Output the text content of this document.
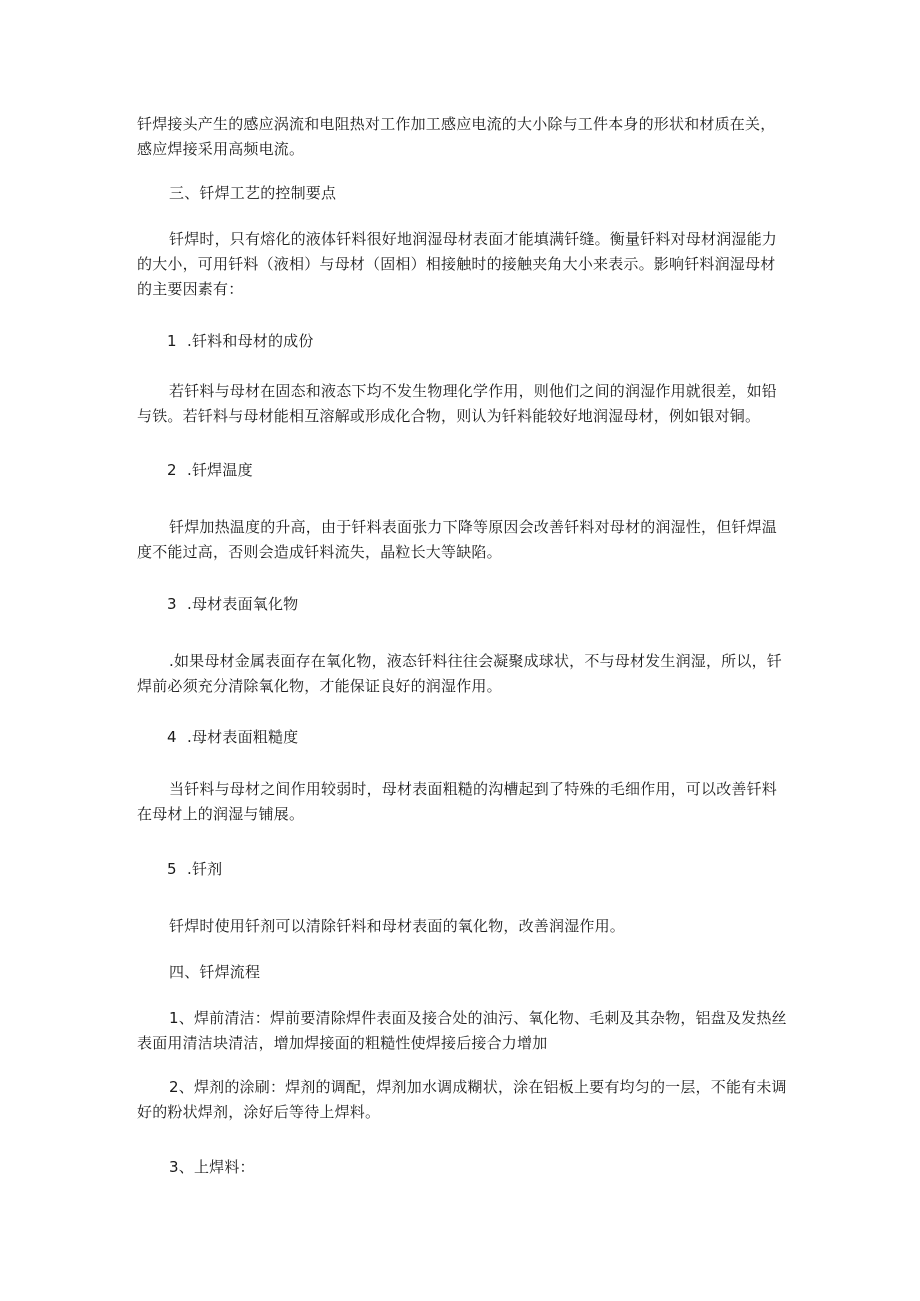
钎焊接头产生的感应涡流和电阻热对工作加工感应电流的大小除与工件本身的形状和材质在关，感应焊接采用高频电流。

三、钎焊工艺的控制要点

钎焊时，只有熔化的液体钎料很好地润湿母材表面才能填满钎缝。衡量钎料对母材润湿能力的大小，可用钎料（液相）与母材（固相）相接触时的接触夹角大小来表示。影响钎料润湿母材的主要因素有：

1 .钎料和母材的成份

若钎料与母材在固态和液态下均不发生物理化学作用，则他们之间的润湿作用就很差，如铅与铁。若钎料与母材能相互溶解或形成化合物，则认为钎料能较好地润湿母材，例如银对铜。

2 .钎焊温度

钎焊加热温度的升高，由于钎料表面张力下降等原因会改善钎料对母材的润湿性，但钎焊温度不能过高，否则会造成钎料流失，晶粒长大等缺陷。

3 .母材表面氧化物

.如果母材金属表面存在氧化物，液态钎料往往会凝聚成球状，不与母材发生润湿，所以，钎焊前必须充分清除氧化物，才能保证良好的润湿作用。

4 .母材表面粗糙度

当钎料与母材之间作用较弱时，母材表面粗糙的沟槽起到了特殊的毛细作用，可以改善钎料在母材上的润湿与铺展。

5 .钎剂

钎焊时使用钎剂可以清除钎料和母材表面的氧化物，改善润湿作用。

四、钎焊流程

1、焊前清洁：焊前要清除焊件表面及接合处的油污、氧化物、毛刺及其杂物，铝盘及发热丝表面用清洁块清洁，增加焊接面的粗糙性使焊接后接合力增加

2、焊剂的涂刷：焊剂的调配，焊剂加水调成糊状，涂在铝板上要有均匀的一层，不能有未调好的粉状焊剂，涂好后等待上焊料。

3、上焊料：
